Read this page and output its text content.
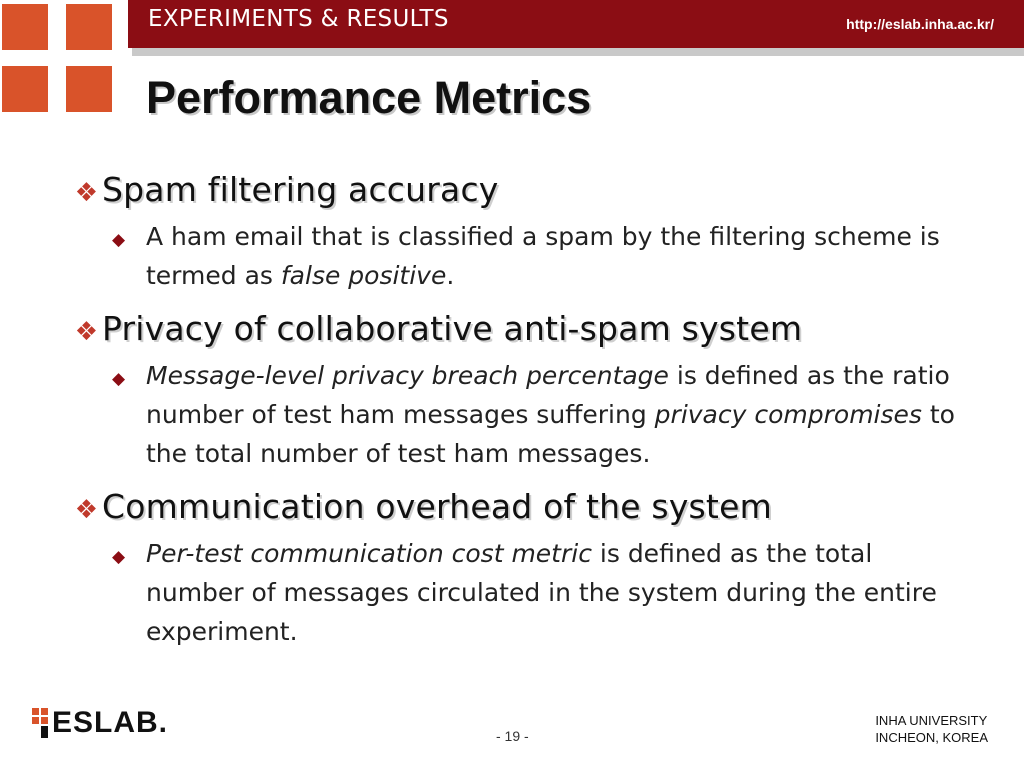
EXPERIMENTS & RESULTS	http://eslab.inha.ac.kr/
Performance Metrics
❖ Spam filtering accuracy
◆ A ham email that is classified a spam by the filtering scheme is termed as false positive.
❖ Privacy of collaborative anti-spam system
◆ Message-level privacy breach percentage is defined as the ratio number of test ham messages suffering privacy compromises to the total number of test ham messages.
❖ Communication overhead of the system
◆ Per-test communication cost metric is defined as the total number of messages circulated in the system during the entire experiment.
ESLAB.	- 19 -
INHA UNIVERSITY
INCHEON, KOREA
